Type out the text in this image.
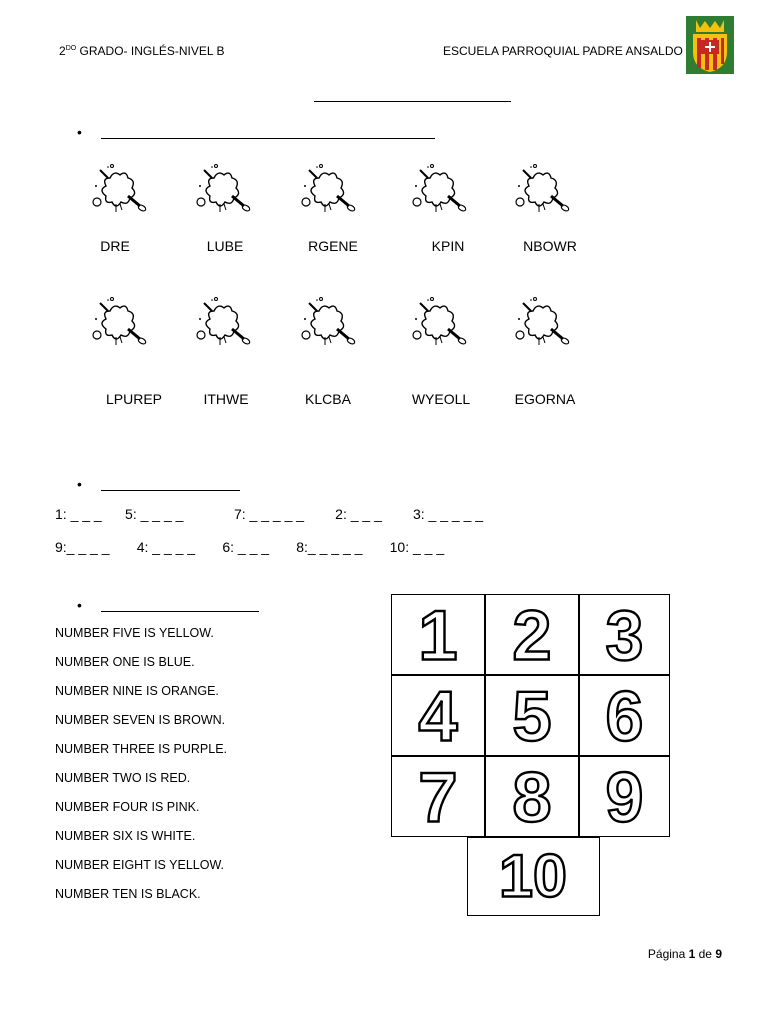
$2^{DO}$ GRADO- INGLÉS-NIVEL B	ESCUELA PARROQUIAL PADRE ANSALDO
•
DRE	LUBE	RGENE	KPIN	NBOWR
LPUREP	ITHWE	KLCBA	WYEOLL	EGORNA
•
1: _ _ _      5: _ _ _ _             7: _ _ _ _ _        2: _ _ _        3: _ _ _ _ _
9:_ _ _ _       4: _ _ _ _       6: _ _ _       8:_ _ _ _ _       10: _ _ _
•
NUMBER FIVE IS YELLOW.
NUMBER ONE IS BLUE.
NUMBER NINE IS ORANGE.
NUMBER SEVEN IS BROWN.
NUMBER THREE IS PURPLE.
NUMBER TWO IS RED.
NUMBER FOUR IS PINK.
NUMBER SIX IS WHITE.
NUMBER EIGHT IS YELLOW.
NUMBER TEN IS BLACK.
1 2 3
4 5 6
7 8 9
10
Página 1 de 9
